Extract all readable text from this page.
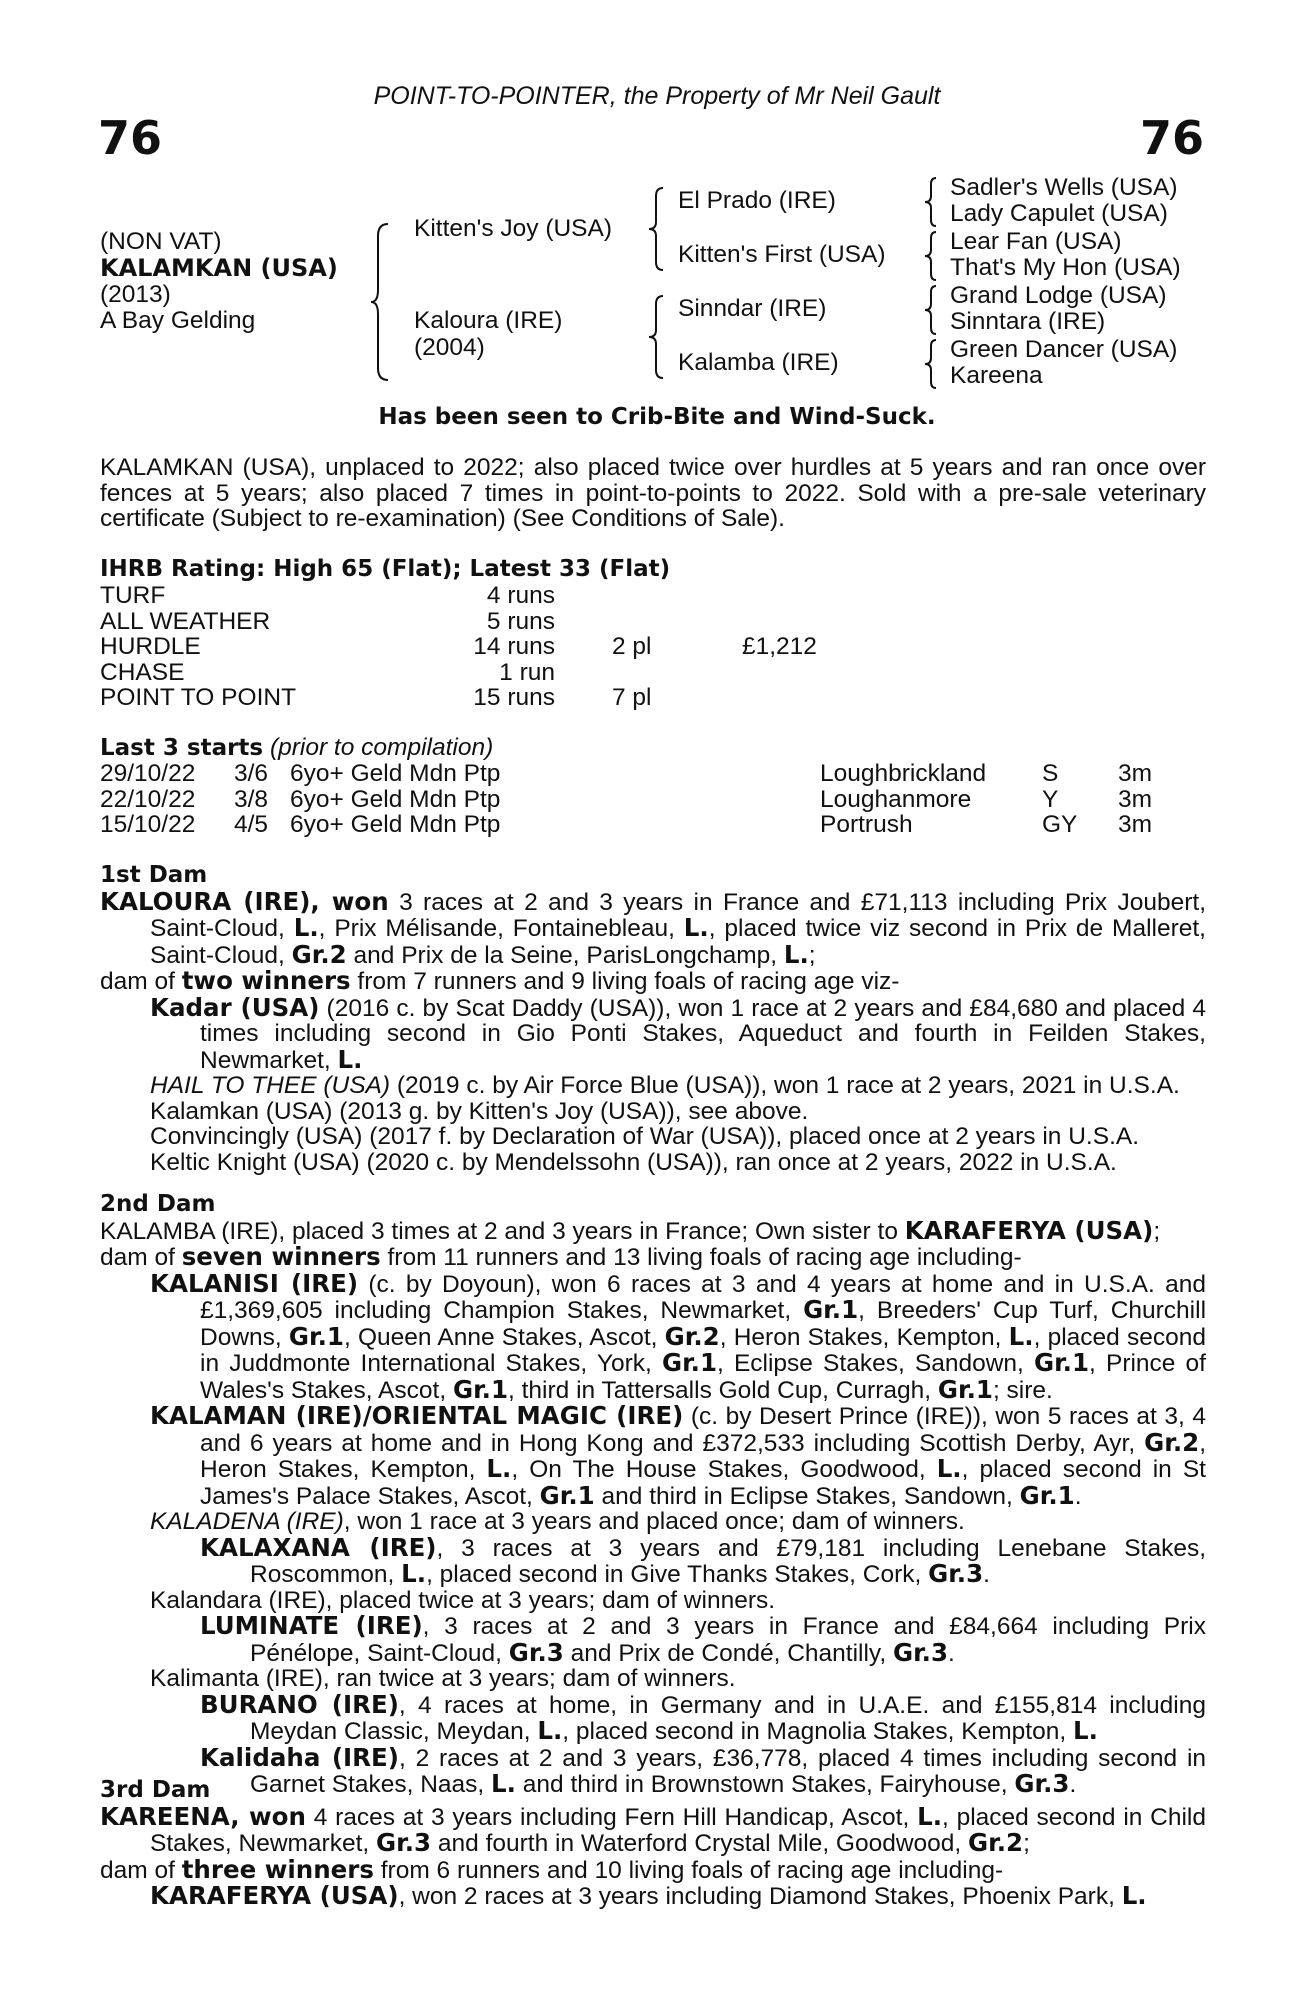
POINT-TO-POINTER, the Property of Mr Neil Gault
76	76
(NON VAT)
KALAMKAN (USA)
(2013)
A Bay Gelding
Kitten's Joy (USA)
Kaloura (IRE)
(2004)
El Prado (IRE)
Kitten's First (USA)
Sinndar (IRE)
Kalamba (IRE)
Sadler's Wells (USA)
Lady Capulet (USA)
Lear Fan (USA)
That's My Hon (USA)
Grand Lodge (USA)
Sinntara (IRE)
Green Dancer (USA)
Kareena
Has been seen to Crib-Bite and Wind-Suck.
KALAMKAN (USA), unplaced to 2022; also placed twice over hurdles at 5 years and ran once over fences at 5 years; also placed 7 times in point-to-points to 2022. Sold with a pre-sale veterinary certificate (Subject to re-examination) (See Conditions of Sale).
IHRB Rating: High 65 (Flat); Latest 33 (Flat)
TURF	4 runs
ALL WEATHER	5 runs
HURDLE	14 runs 2 pl	£1,212
CHASE	1 run
POINT TO POINT	15 runs 7 pl
Last 3 starts (prior to compilation)
29/10/22 3/6 6yo+ Geld Mdn Ptp	Loughbrickland S 3m
22/10/22 3/8 6yo+ Geld Mdn Ptp	Loughanmore	Y 3m
15/10/22 4/5 6yo+ Geld Mdn Ptp	Portrush	GY 3m
1st Dam
KALOURA (IRE), won 3 races at 2 and 3 years in France and £71,113 including Prix Joubert, Saint-Cloud, L., Prix Mélisande, Fontainebleau, L., placed twice viz second in Prix de Malleret, Saint-Cloud, Gr.2 and Prix de la Seine, ParisLongchamp, L.;
dam of two winners from 7 runners and 9 living foals of racing age viz-
Kadar (USA) (2016 c. by Scat Daddy (USA)), won 1 race at 2 years and £84,680 and placed 4 times including second in Gio Ponti Stakes, Aqueduct and fourth in Feilden Stakes, Newmarket, L.
HAIL TO THEE (USA) (2019 c. by Air Force Blue (USA)), won 1 race at 2 years, 2021 in U.S.A.
Kalamkan (USA) (2013 g. by Kitten's Joy (USA)), see above.
Convincingly (USA) (2017 f. by Declaration of War (USA)), placed once at 2 years in U.S.A.
Keltic Knight (USA) (2020 c. by Mendelssohn (USA)), ran once at 2 years, 2022 in U.S.A.
2nd Dam
KALAMBA (IRE), placed 3 times at 2 and 3 years in France; Own sister to KARAFERYA (USA);
dam of seven winners from 11 runners and 13 living foals of racing age including-
KALANISI (IRE) (c. by Doyoun), won 6 races at 3 and 4 years at home and in U.S.A. and £1,369,605 including Champion Stakes, Newmarket, Gr.1, Breeders' Cup Turf, Churchill Downs, Gr.1, Queen Anne Stakes, Ascot, Gr.2, Heron Stakes, Kempton, L., placed second in Juddmonte International Stakes, York, Gr.1, Eclipse Stakes, Sandown, Gr.1, Prince of Wales's Stakes, Ascot, Gr.1, third in Tattersalls Gold Cup, Curragh, Gr.1; sire.
KALAMAN (IRE)/ORIENTAL MAGIC (IRE) (c. by Desert Prince (IRE)), won 5 races at 3, 4 and 6 years at home and in Hong Kong and £372,533 including Scottish Derby, Ayr, Gr.2, Heron Stakes, Kempton, L., On The House Stakes, Goodwood, L., placed second in St James's Palace Stakes, Ascot, Gr.1 and third in Eclipse Stakes, Sandown, Gr.1.
KALADENA (IRE), won 1 race at 3 years and placed once; dam of winners.
KALAXANA (IRE), 3 races at 3 years and £79,181 including Lenebane Stakes, Roscommon, L., placed second in Give Thanks Stakes, Cork, Gr.3.
Kalandara (IRE), placed twice at 3 years; dam of winners.
LUMINATE (IRE), 3 races at 2 and 3 years in France and £84,664 including Prix Pénélope, Saint-Cloud, Gr.3 and Prix de Condé, Chantilly, Gr.3.
Kalimanta (IRE), ran twice at 3 years; dam of winners.
BURANO (IRE), 4 races at home, in Germany and in U.A.E. and £155,814 including Meydan Classic, Meydan, L., placed second in Magnolia Stakes, Kempton, L.
Kalidaha (IRE), 2 races at 2 and 3 years, £36,778, placed 4 times including second in Garnet Stakes, Naas, L. and third in Brownstown Stakes, Fairyhouse, Gr.3.
3rd Dam
KAREENA, won 4 races at 3 years including Fern Hill Handicap, Ascot, L., placed second in Child Stakes, Newmarket, Gr.3 and fourth in Waterford Crystal Mile, Goodwood, Gr.2;
dam of three winners from 6 runners and 10 living foals of racing age including-
KARAFERYA (USA), won 2 races at 3 years including Diamond Stakes, Phoenix Park, L.
